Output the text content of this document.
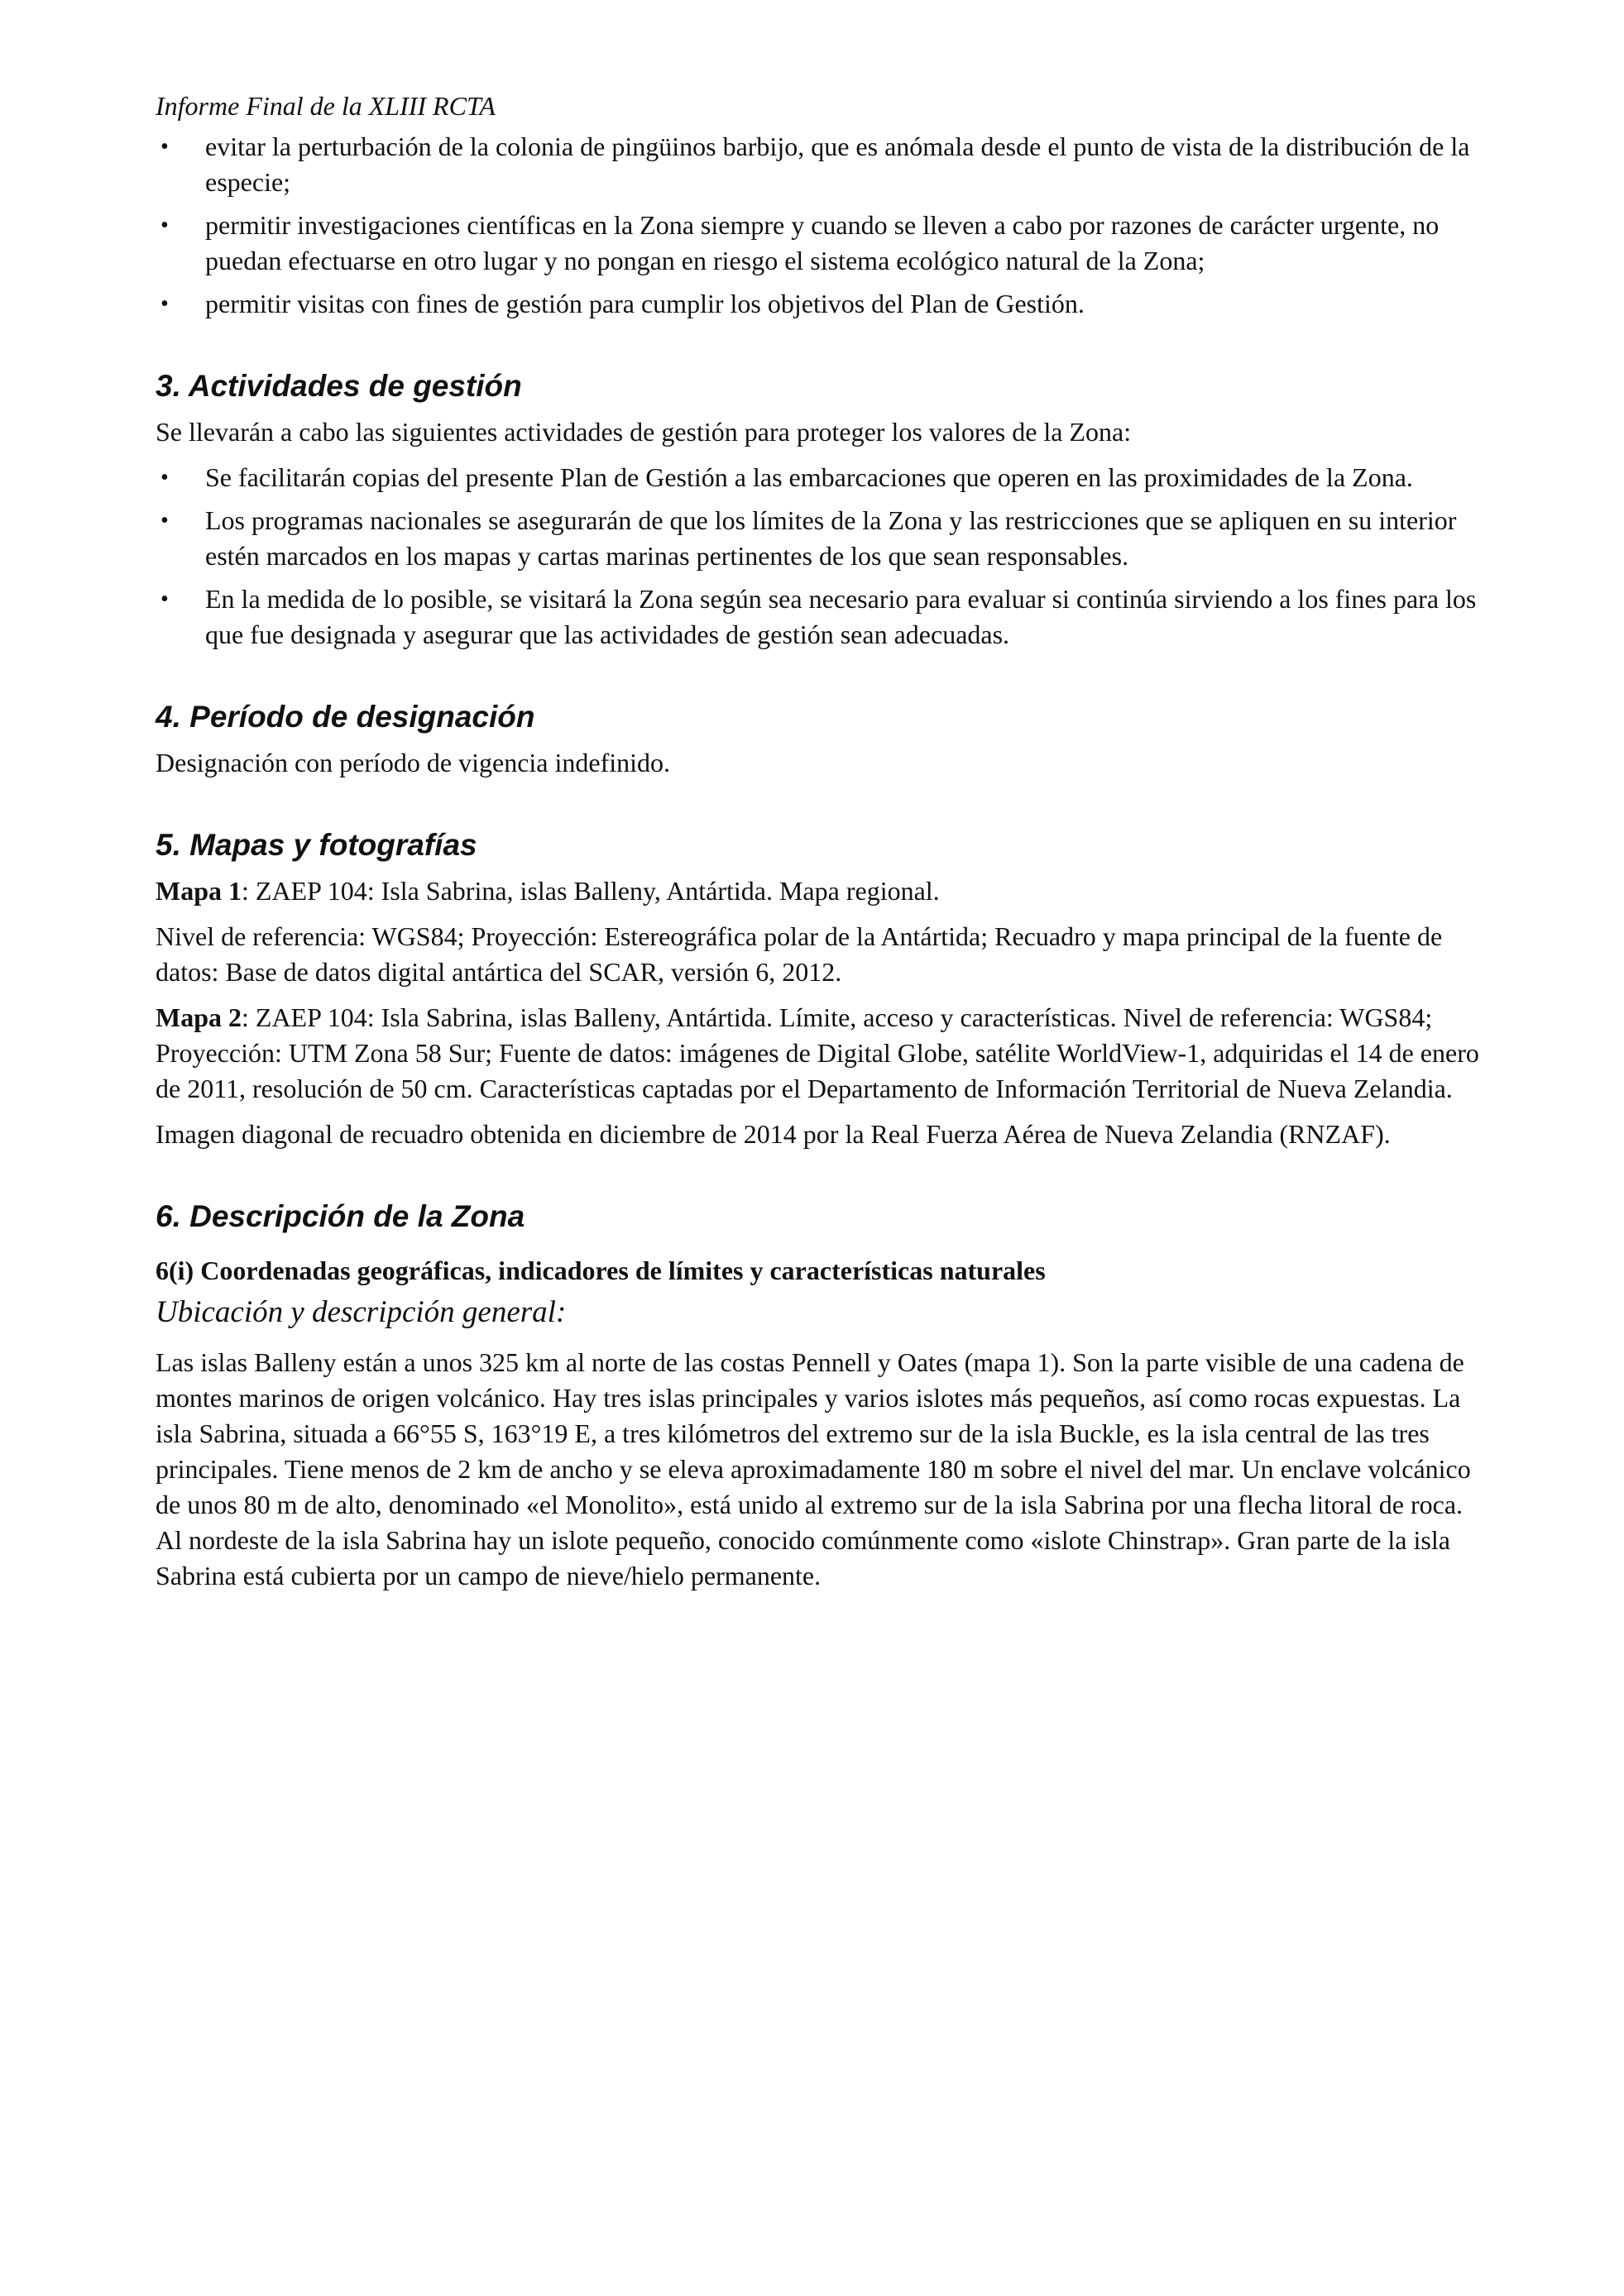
Informe Final de la XLIII RCTA
• evitar la perturbación de la colonia de pingüinos barbijo, que es anómala desde el punto de vista de la distribución de la especie;
• permitir investigaciones científicas en la Zona siempre y cuando se lleven a cabo por razones de carácter urgente, no puedan efectuarse en otro lugar y no pongan en riesgo el sistema ecológico natural de la Zona;
• permitir visitas con fines de gestión para cumplir los objetivos del Plan de Gestión.
3. Actividades de gestión

Se llevarán a cabo las siguientes actividades de gestión para proteger los valores de la Zona:

• Se facilitarán copias del presente Plan de Gestión a las embarcaciones que operen en las proximidades de la Zona.
• Los programas nacionales se asegurarán de que los límites de la Zona y las restricciones que se apliquen en su interior estén marcados en los mapas y cartas marinas pertinentes de los que sean responsables.
• En la medida de lo posible, se visitará la Zona según sea necesario para evaluar si continúa sirviendo a los fines para los que fue designada y asegurar que las actividades de gestión sean adecuadas.
4. Período de designación

Designación con período de vigencia indefinido.

5. Mapas y fotografías

Mapa 1: ZAEP 104: Isla Sabrina, islas Balleny, Antártida. Mapa regional.

Nivel de referencia: WGS84; Proyección: Estereográfica polar de la Antártida; Recuadro y mapa principal de la fuente de datos: Base de datos digital antártica del SCAR, versión 6, 2012.

Mapa 2: ZAEP 104: Isla Sabrina, islas Balleny, Antártida. Límite, acceso y características. Nivel de referencia: WGS84; Proyección: UTM Zona 58 Sur; Fuente de datos: imágenes de Digital Globe, satélite WorldView-1, adquiridas el 14 de enero de 2011, resolución de 50 cm. Características captadas por el Departamento de Información Territorial de Nueva Zelandia.

Imagen diagonal de recuadro obtenida en diciembre de 2014 por la Real Fuerza Aérea de Nueva Zelandia (RNZAF).

6. Descripción de la Zona
6(i) Coordenadas geográficas, indicadores de límites y características naturales
Ubicación y descripción general:

Las islas Balleny están a unos 325 km al norte de las costas Pennell y Oates (mapa 1). Son la parte visible de una cadena de montes marinos de origen volcánico. Hay tres islas principales y varios islotes más pequeños, así como rocas expuestas. La isla Sabrina, situada a 66°55 S, 163°19 E, a tres kilómetros del extremo sur de la isla Buckle, es la isla central de las tres principales. Tiene menos de 2 km de ancho y se eleva aproximadamente 180 m sobre el nivel del mar. Un enclave volcánico de unos 80 m de alto, denominado «el Monolito», está unido al extremo sur de la isla Sabrina por una flecha litoral de roca. Al nordeste de la isla Sabrina hay un islote pequeño, conocido comúnmente como «islote Chinstrap». Gran parte de la isla Sabrina está cubierta por un campo de nieve/hielo permanente.
